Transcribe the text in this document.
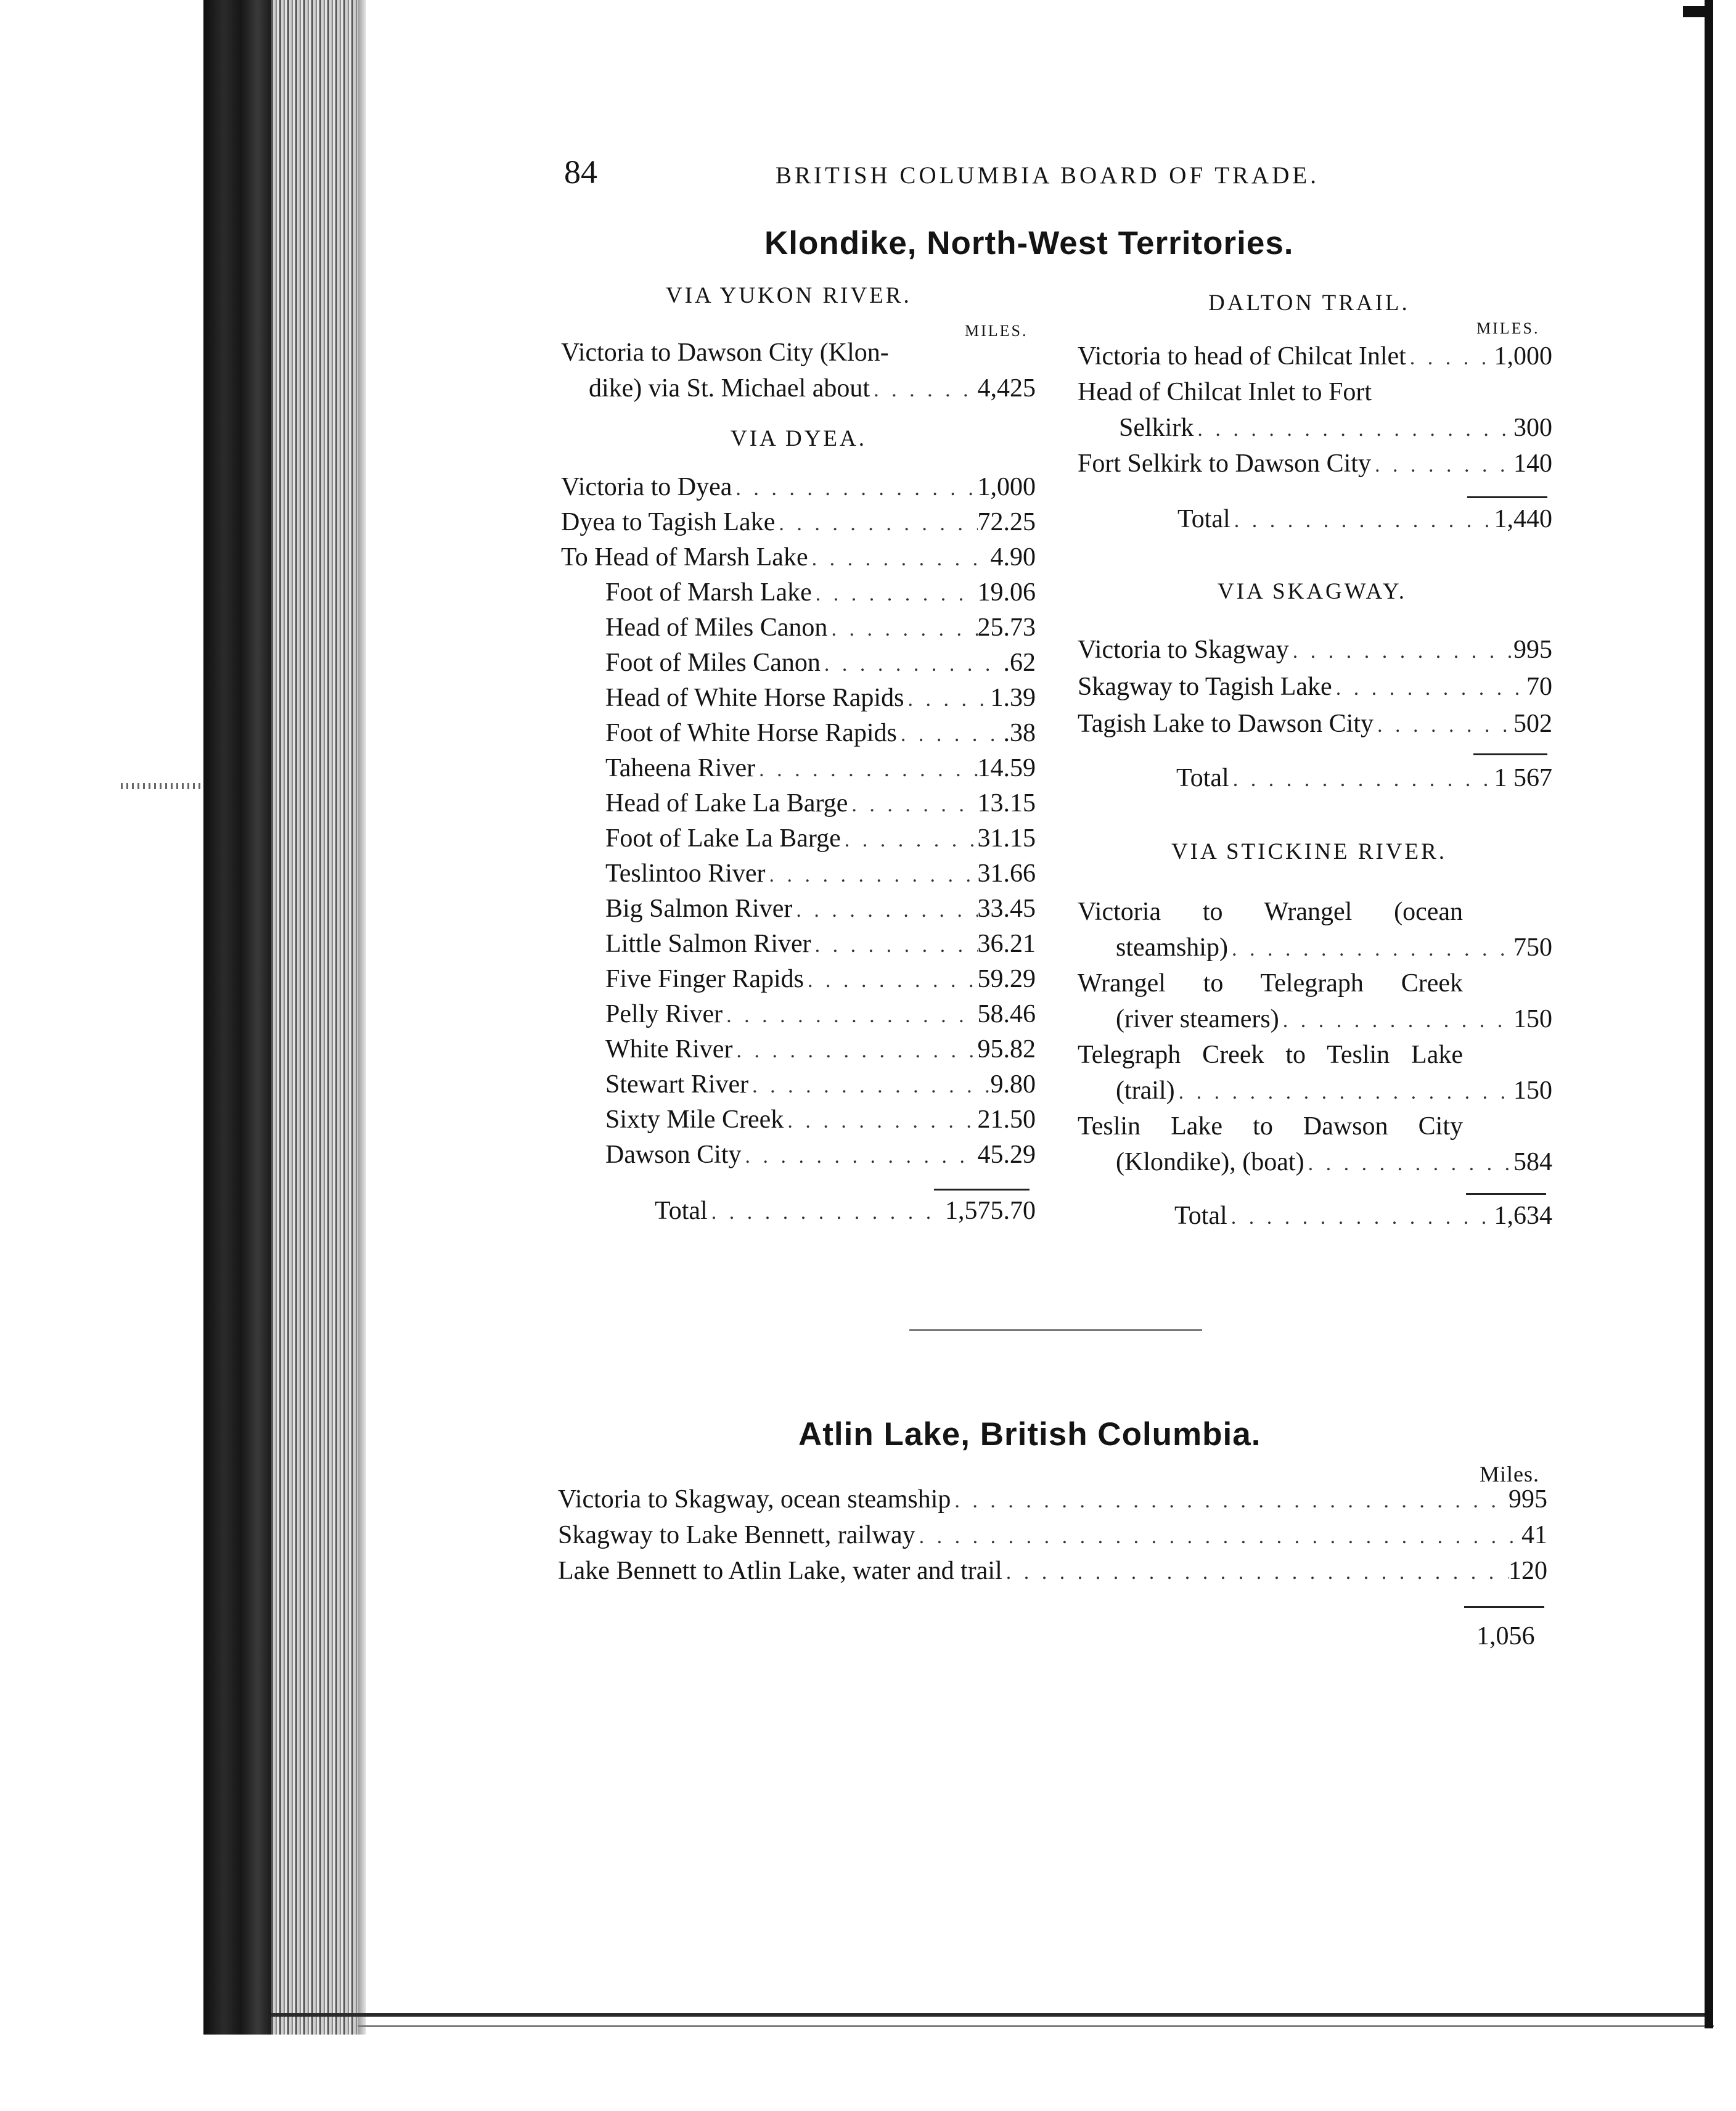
84	BRITISH COLUMBIA BOARD OF TRADE.
Klondike, North-West Territories.
VIA YUKON RIVER.
MILES.
Victoria to Dawson City (Klon-
dike) via St. Michael about . . .	4,425
VIA DYEA.
Victoria to Dyea . . .	1,000
Dyea to Tagish Lake . . .	72.25
To Head of Marsh Lake . . .	4.90
Foot of Marsh Lake . . .	19.06
Head of Miles Canon . . .	25.73
Foot of Miles Canon . . .	.62
Head of White Horse Rapids . . .	1.39
Foot of White Horse Rapids . . .	.38
Taheena River . . .	14.59
Head of Lake La Barge . . .	13.15
Foot of Lake La Barge . . .	31.15
Teslintoo River . . .	31.66
Big Salmon River . . .	33.45
Little Salmon River . . .	36.21
Five Finger Rapids . . .	59.29
Pelly River . . .	58.46
White River . . .	95.82
Stewart River . . .	9.80
Sixty Mile Creek . . .	21.50
Dawson City . . .	45.29
Total . . .	1,575.70
DALTON TRAIL.
MILES.
Victoria to head of Chilcat Inlet . . .	1,000
Head of Chilcat Inlet to Fort
Selkirk . . .	300
Fort Selkirk to Dawson City . . .	140
Total . . .	1,440
VIA SKAGWAY.
Victoria to Skagway . . .	995
Skagway to Tagish Lake . . .	70
Tagish Lake to Dawson City . . .	502
Total . . .	1 567
VIA STICKINE RIVER.
Victoria to Wrangel (ocean
steamship) . . .	750
Wrangel to Telegraph Creek
(river steamers) . . .	150
Telegraph Creek to Teslin Lake
(trail) . . .	150
Teslin Lake to Dawson City
(Klondike), (boat) . . .	584
Total . . .	1,634
Atlin Lake, British Columbia.
Miles.
Victoria to Skagway, ocean steamship . . .	995
Skagway to Lake Bennett, railway . . .	41
Lake Bennett to Atlin Lake, water and trail . . .	120
1,056
